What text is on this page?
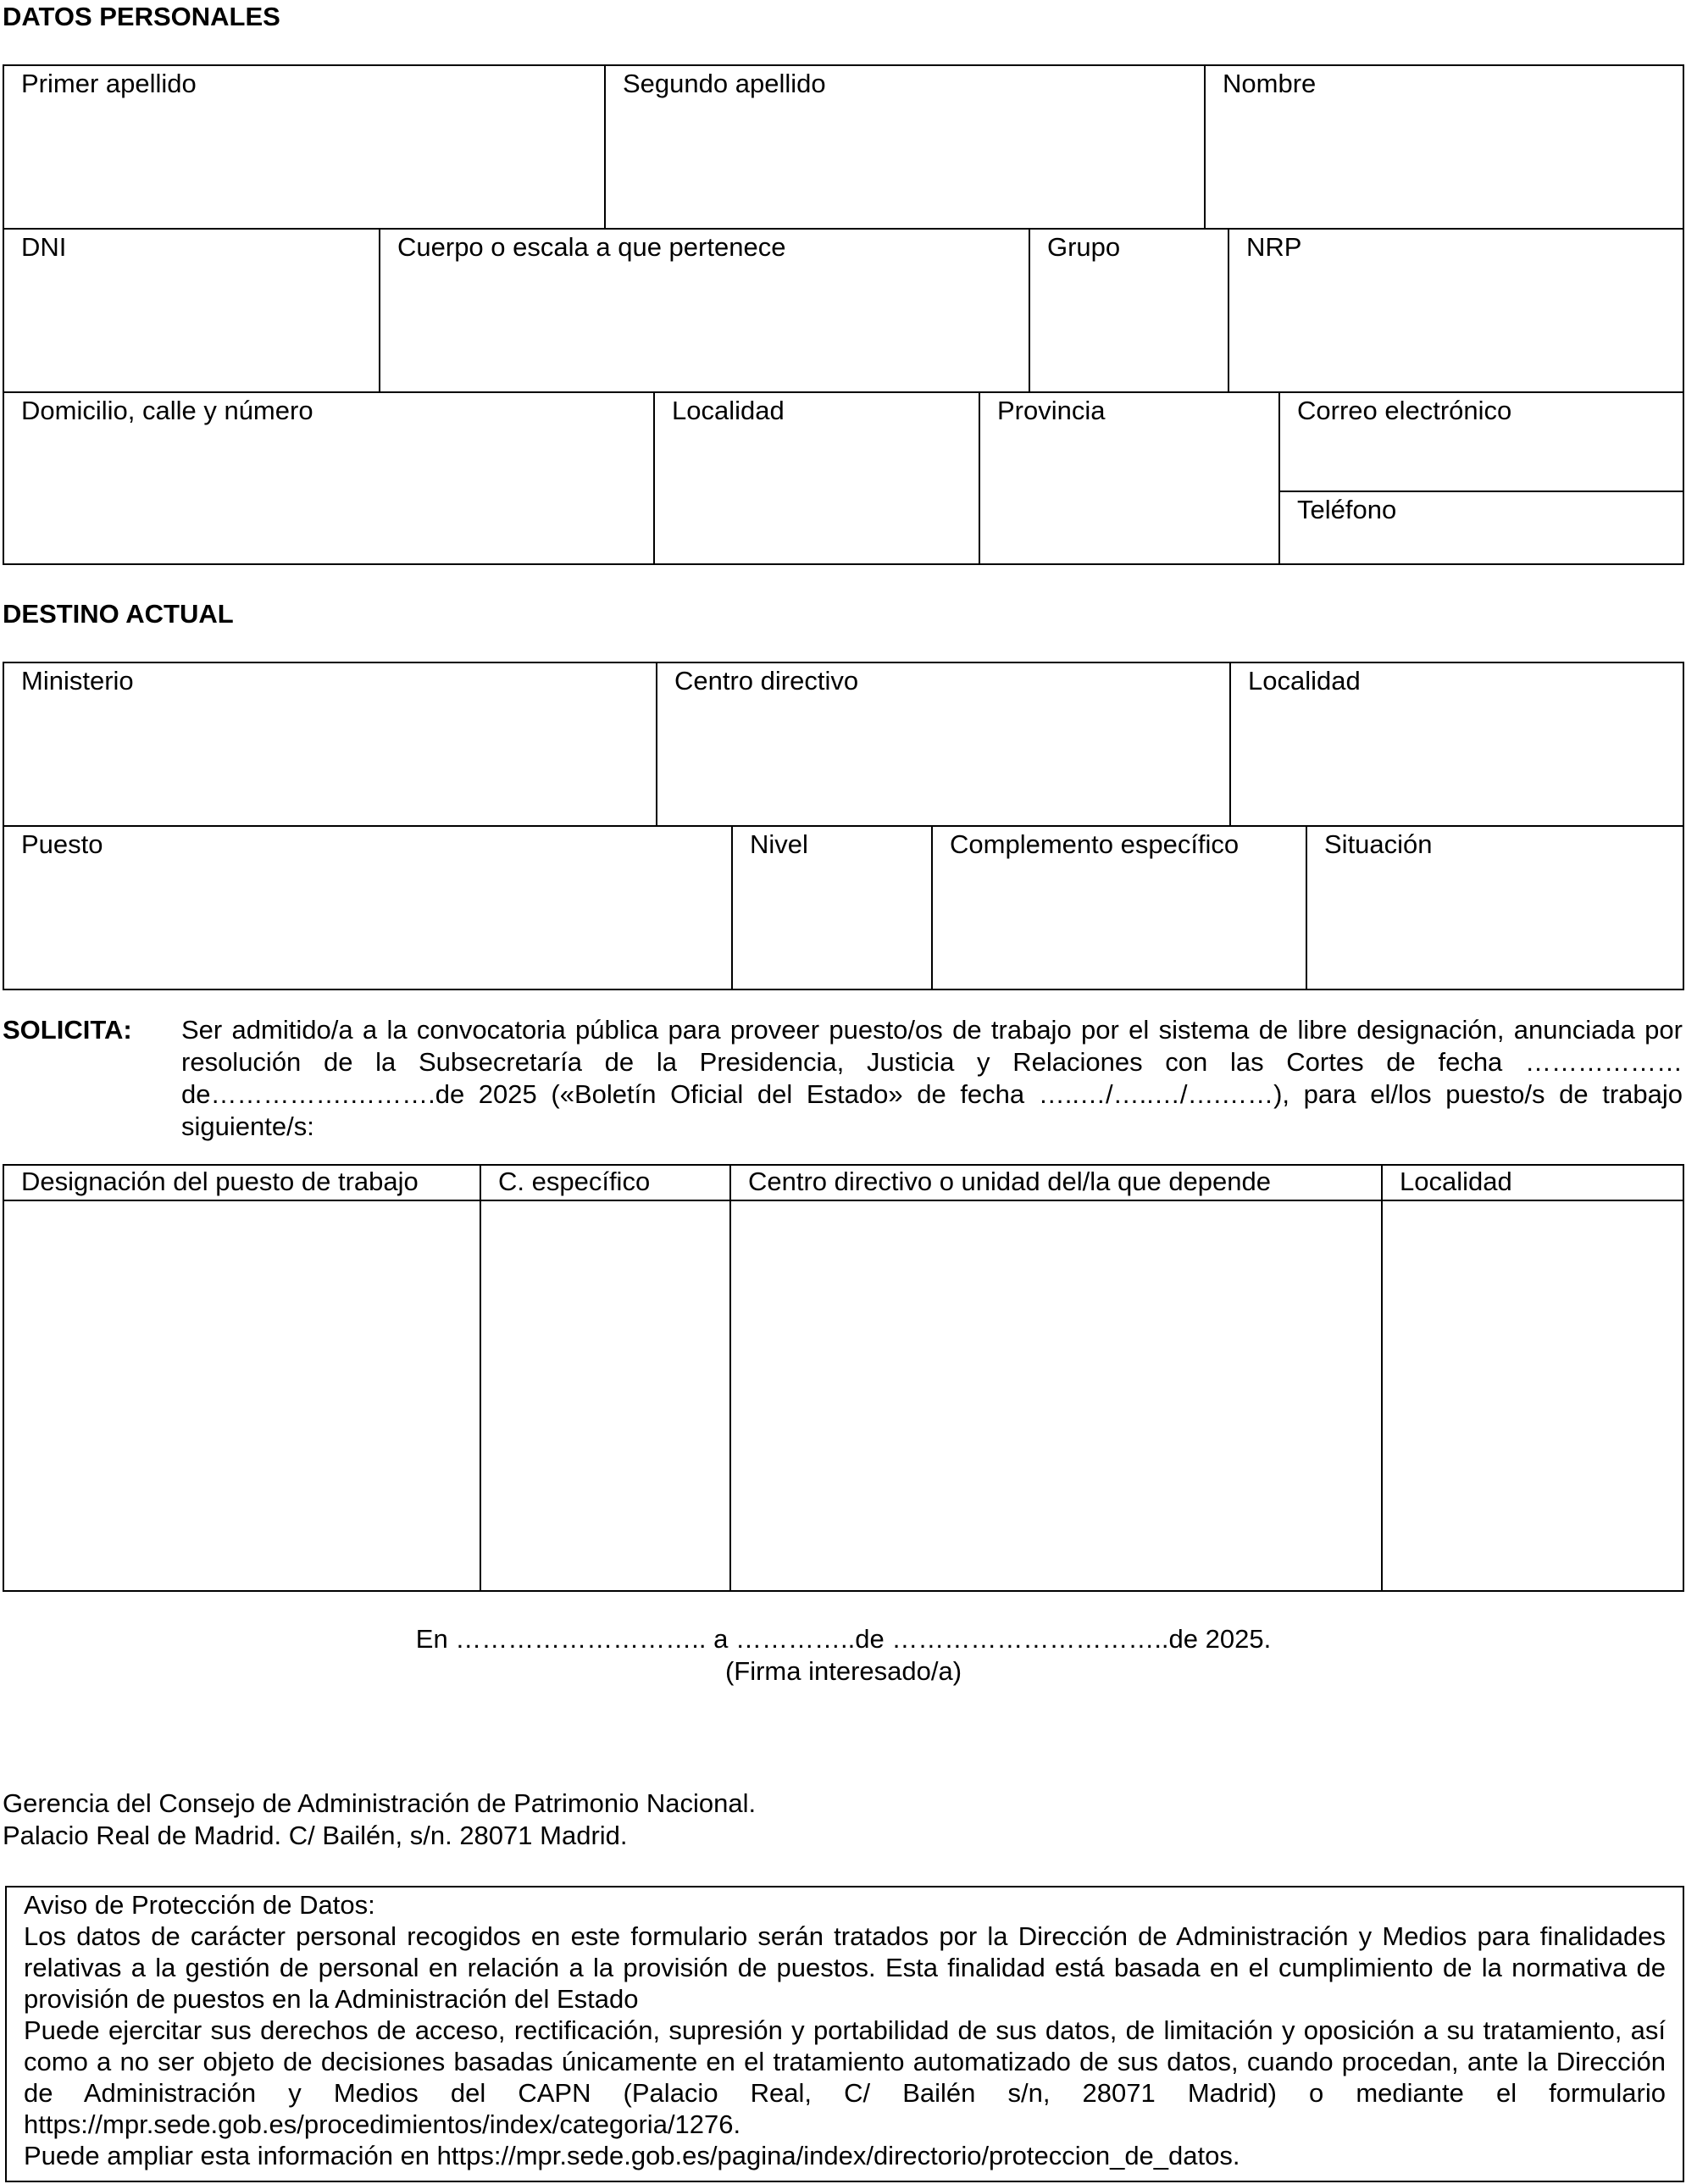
DATOS PERSONALES
Primer apellido	Segundo apellido	Nombre
DNI	Cuerpo o escala a que pertenece	Grupo	NRP
Domicilio, calle y número	Localidad	Provincia	Correo electrónico
Teléfono
DESTINO ACTUAL
Ministerio	Centro directivo	Localidad
Puesto	Nivel	Complemento específico	Situación
SOLICITA: Ser admitido/a a la convocatoria pública para proveer puesto/os de trabajo por el sistema de libre designación, anunciada por resolución de la Subsecretaría de la Presidencia, Justicia y Relaciones con las Cortes de fecha ………………de…………….……….de 2025 («Boletín Oficial del Estado» de fecha …..…/…..…/….……), para el/los puesto/s de trabajo siguiente/s:
Designación del puesto de trabajo	C. específico	Centro directivo o unidad del/la que depende	Localidad
En ……………………….. a …………..de …………………………..de 2025.
(Firma interesado/a)
Gerencia del Consejo de Administración de Patrimonio Nacional.
Palacio Real de Madrid. C/ Bailén, s/n. 28071 Madrid.
Aviso de Protección de Datos:
Los datos de carácter personal recogidos en este formulario serán tratados por la Dirección de Administración y Medios para finalidades relativas a la gestión de personal en relación a la provisión de puestos. Esta finalidad está basada en el cumplimiento de la normativa de provisión de puestos en la Administración del Estado
Puede ejercitar sus derechos de acceso, rectificación, supresión y portabilidad de sus datos, de limitación y oposición a su tratamiento, así como a no ser objeto de decisiones basadas únicamente en el tratamiento automatizado de sus datos, cuando procedan, ante la Dirección de Administración y Medios del CAPN (Palacio Real, C/ Bailén s/n, 28071 Madrid) o mediante el formulario https://mpr.sede.gob.es/procedimientos/index/categoria/1276.
Puede ampliar esta información en https://mpr.sede.gob.es/pagina/index/directorio/proteccion_de_datos.
